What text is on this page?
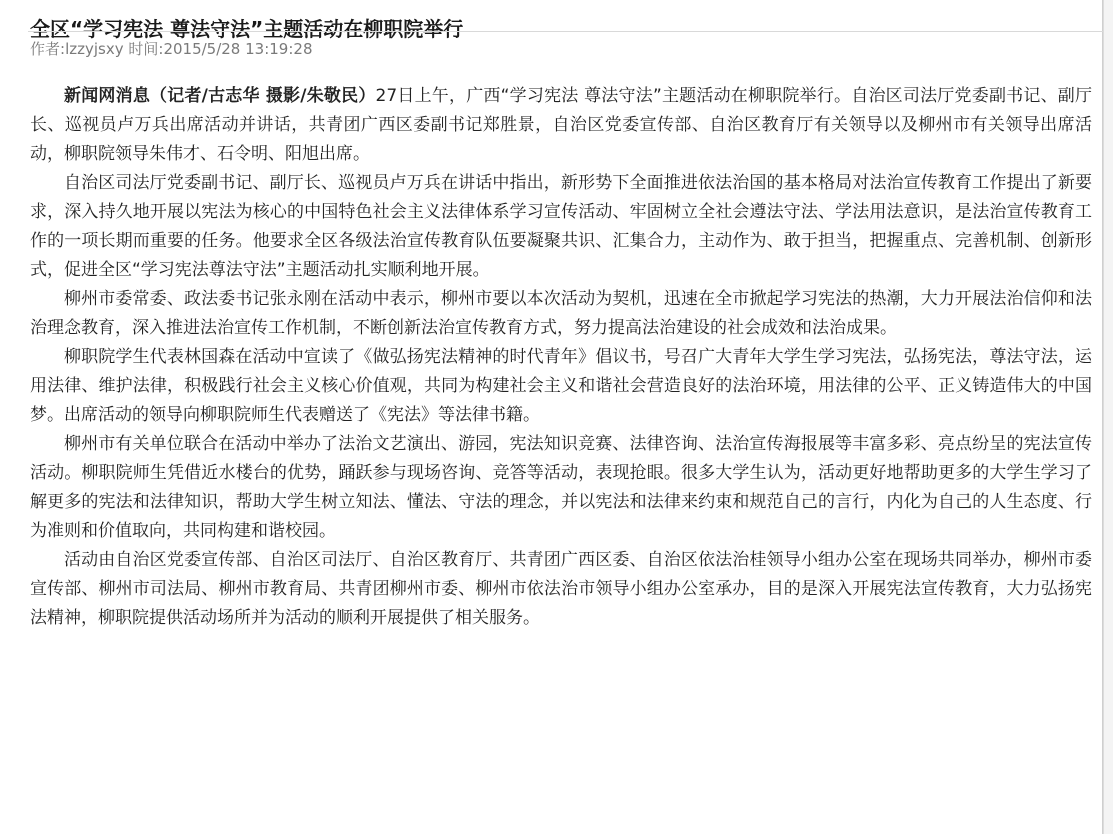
全区“学习宪法 尊法守法”主题活动在柳职院举行
作者:lzzyjsxy 时间:2015/5/28 13:19:28

新闻网消息（记者/古志华 摄影/朱敬民）27日上午，广西“学习宪法 尊法守法”主题活动在柳职院举行。自治区司法厅党委副书记、副厅长、巡视员卢万兵出席活动并讲话，共青团广西区委副书记郑胜景，自治区党委宣传部、自治区教育厅有关领导以及柳州市有关领导出席活动，柳职院领导朱伟才、石令明、阳旭出席。

自治区司法厅党委副书记、副厅长、巡视员卢万兵在讲话中指出，新形势下全面推进依法治国的基本格局对法治宣传教育工作提出了新要求，深入持久地开展以宪法为核心的中国特色社会主义法律体系学习宣传活动、牢固树立全社会遵法守法、学法用法意识，是法治宣传教育工作的一项长期而重要的任务。他要求全区各级法治宣传教育队伍要凝聚共识、汇集合力，主动作为、敢于担当，把握重点、完善机制、创新形式，促进全区“学习宪法尊法守法”主题活动扎实顺利地开展。

柳州市委常委、政法委书记张永刚在活动中表示，柳州市要以本次活动为契机，迅速在全市掀起学习宪法的热潮，大力开展法治信仰和法治理念教育，深入推进法治宣传工作机制，不断创新法治宣传教育方式，努力提高法治建设的社会成效和法治成果。

柳职院学生代表林国森在活动中宣读了《做弘扬宪法精神的时代青年》倡议书，号召广大青年大学生学习宪法，弘扬宪法，尊法守法，运用法律、维护法律，积极践行社会主义核心价值观，共同为构建社会主义和谐社会营造良好的法治环境，用法律的公平、正义铸造伟大的中国梦。出席活动的领导向柳职院师生代表赠送了《宪法》等法律书籍。

柳州市有关单位联合在活动中举办了法治文艺演出、游园，宪法知识竞赛、法律咨询、法治宣传海报展等丰富多彩、亮点纷呈的宪法宣传活动。柳职院师生凭借近水楼台的优势，踊跃参与现场咨询、竞答等活动，表现抢眼。很多大学生认为，活动更好地帮助更多的大学生学习了解更多的宪法和法律知识，帮助大学生树立知法、懂法、守法的理念，并以宪法和法律来约束和规范自己的言行，内化为自己的人生态度、行为准则和价值取向，共同构建和谐校园。

活动由自治区党委宣传部、自治区司法厅、自治区教育厅、共青团广西区委、自治区依法治桂领导小组办公室在现场共同举办，柳州市委宣传部、柳州市司法局、柳州市教育局、共青团柳州市委、柳州市依法治市领导小组办公室承办，目的是深入开展宪法宣传教育，大力弘扬宪法精神，柳职院提供活动场所并为活动的顺利开展提供了相关服务。
